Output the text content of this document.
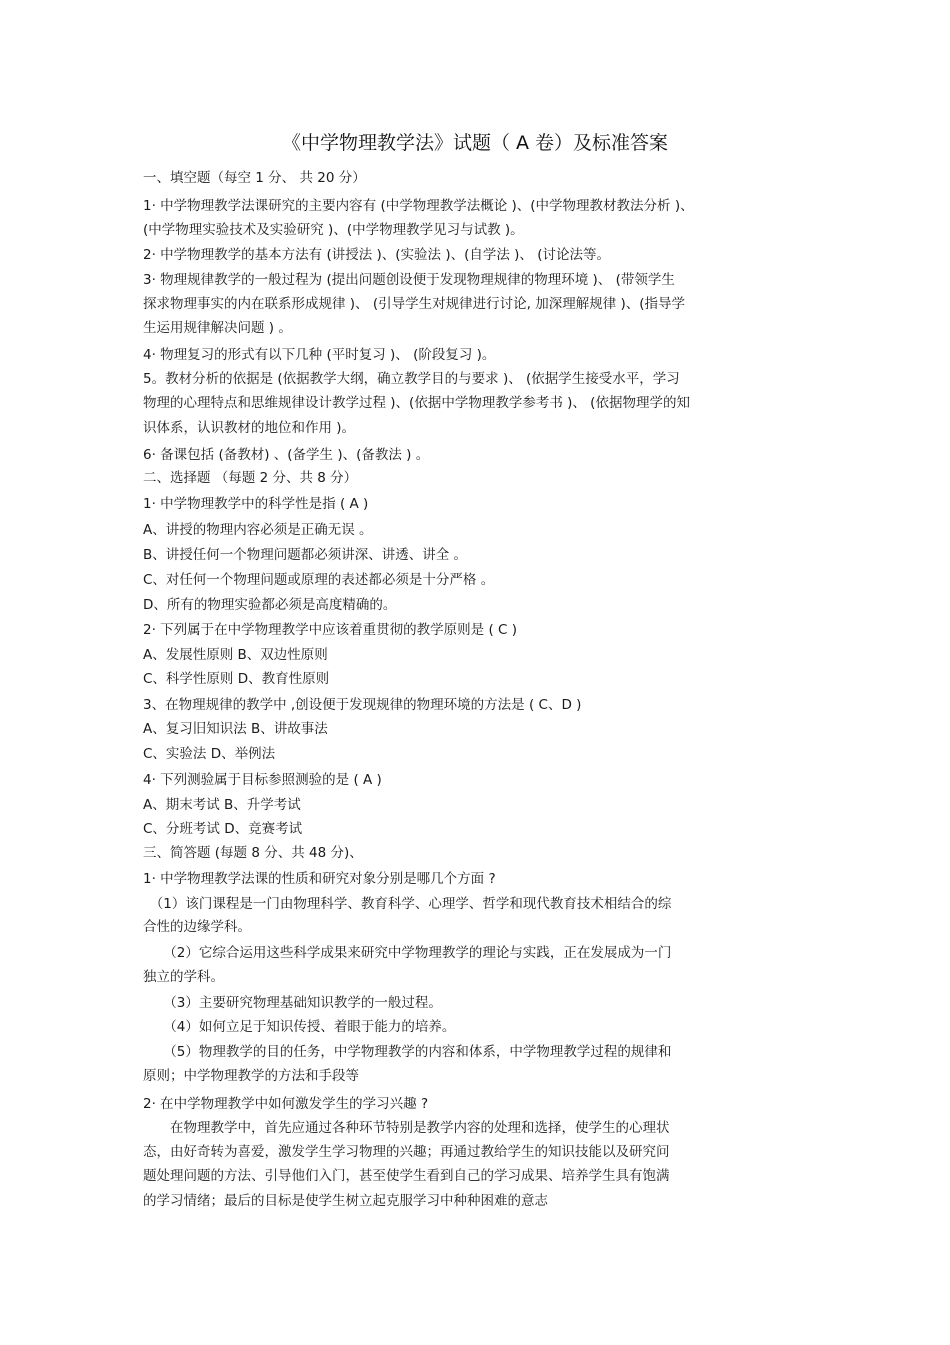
《中学物理教学法》试题（ A 卷）及标准答案
一、填空题（每空 1 分、 共 20 分）
1· 中学物理教学法课研究的主要内容有 (中学物理教学法概论 )、(中学物理教材教法分析 )、
(中学物理实验技术及实验研究 )、(中学物理教学见习与试教 )。
2· 中学物理教学的基本方法有 (讲授法 )、(实验法 )、(自学法 )、 (讨论法等。
3· 物理规律教学的一般过程为 (提出问题创设便于发现物理规律的物理环境 )、 (带领学生
探求物理事实的内在联系形成规律 )、 (引导学生对规律进行讨论, 加深理解规律 )、(指导学
生运用规律解决问题 ) 。
4· 物理复习的形式有以下几种 (平时复习 )、 (阶段复习 )。
5。教材分析的依据是 (依据教学大纲，确立教学目的与要求 )、 (依据学生接受水平，学习
物理的心理特点和思维规律设计教学过程 )、(依据中学物理教学参考书 )、 (依据物理学的知
识体系，认识教材的地位和作用 )。
6· 备课包括 (备教材) 、(备学生 )、(备教法 ) 。
二、选择题 （每题 2 分、共 8 分）
1· 中学物理教学中的科学性是指 ( A )
A、讲授的物理内容必须是正确无误 。
B、讲授任何一个物理问题都必须讲深、讲透、讲全 。
C、对任何一个物理问题或原理的表述都必须是十分严格 。
D、所有的物理实验都必须是高度精确的。
2· 下列属于在中学物理教学中应该着重贯彻的教学原则是 ( C )
A、发展性原则 B、双边性原则
C、科学性原则 D、教育性原则
3、在物理规律的教学中 ,创设便于发现规律的物理环境的方法是 ( C、D )
A、复习旧知识法 B、讲故事法
C、实验法 D、举例法
4· 下列测验属于目标参照测验的是 ( A )
A、期末考试 B、升学考试
C、分班考试 D、竞赛考试
三、简答题 (每题 8 分、共 48 分)、
1· 中学物理教学法课的性质和研究对象分别是哪几个方面 ?
　（1）该门课程是一门由物理科学、教育科学、心理学、哲学和现代教育技术相结合的综
合性的边缘学科。
　　（2）它综合运用这些科学成果来研究中学物理教学的理论与实践，正在发展成为一门
独立的学科。
　　（3）主要研究物理基础知识教学的一般过程。
　　（4）如何立足于知识传授、着眼于能力的培养。
　　（5）物理教学的目的任务，中学物理教学的内容和体系，中学物理教学过程的规律和
原则；中学物理教学的方法和手段等
2· 在中学物理教学中如何激发学生的学习兴趣 ?
　　在物理教学中，首先应通过各种环节特别是教学内容的处理和选择，使学生的心理状
态，由好奇转为喜爱，激发学生学习物理的兴趣；再通过教给学生的知识技能以及研究问
题处理问题的方法、引导他们入门，甚至使学生看到自己的学习成果、培养学生具有饱满
的学习情绪；最后的目标是使学生树立起克服学习中种种困难的意志
